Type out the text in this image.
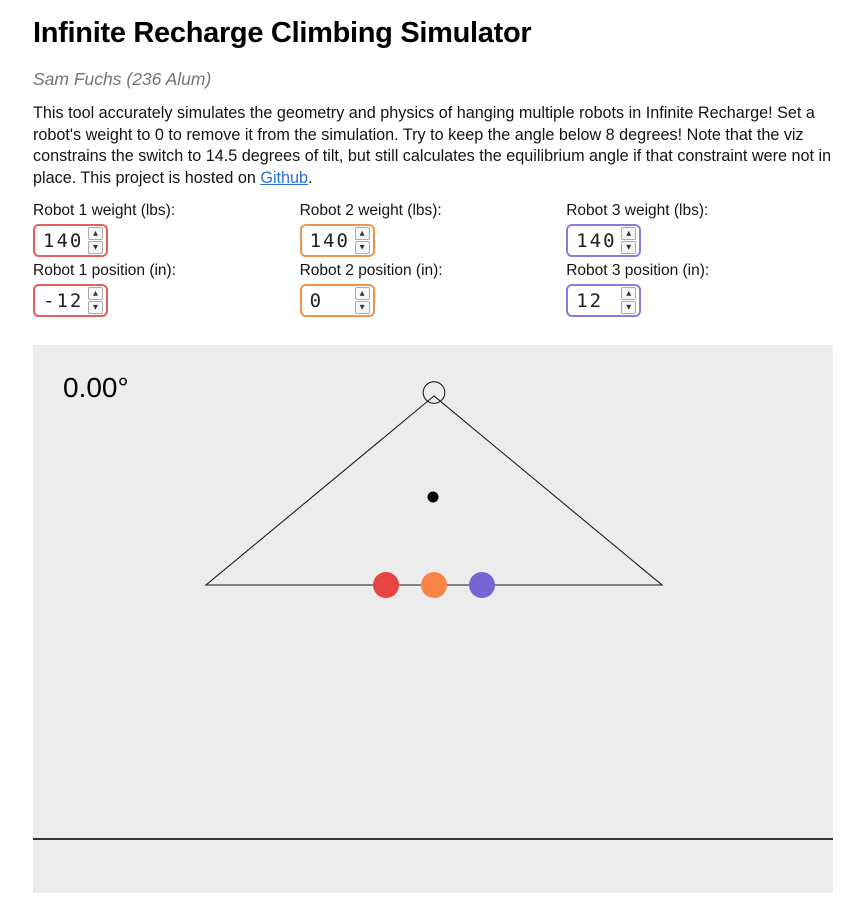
Infinite Recharge Climbing Simulator

Sam Fuchs (236 Alum)

This tool accurately simulates the geometry and physics of hanging multiple robots in Infinite Recharge! Set a robot's weight to 0 to remove it from the simulation. Try to keep the angle below 8 degrees! Note that the viz constrains the switch to 14.5 degrees of tilt, but still calculates the equilibrium angle if that constraint were not in place. This project is hosted on Github.

Robot 1 weight (lbs):
140
▲
▼
Robot 1 position (in):
-12
▲
▼
Robot 2 weight (lbs):
140
▲
▼
Robot 2 position (in):
0
▲
▼
Robot 3 weight (lbs):
140
▲
▼
Robot 3 position (in):
12
▲
▼
0.00°
